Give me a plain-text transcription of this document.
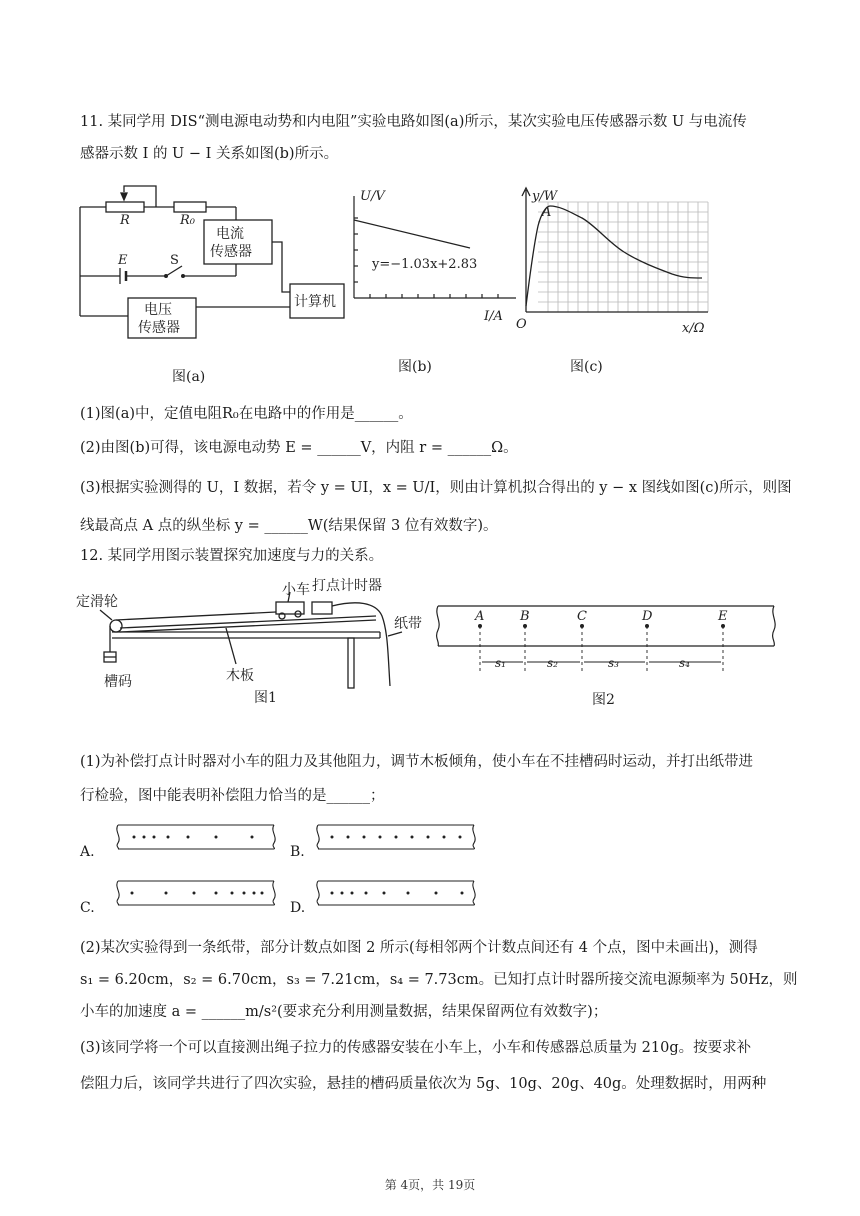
11. 某同学用 DIS“测电源电动势和内电阻”实验电路如图(a)所示，某次实验电压传感器示数 U 与电流传
感器示数 I 的 U − I 关系如图(b)所示。
R	R₀
电流
传感器
E	S
电压
传感器
计算机
图(a)
U/V
y=−1.03x+2.83
I/A
图(b)
y/W
A
O	x/Ω
图(c)
(1)图(a)中，定值电阻R₀在电路中的作用是______。
(2)由图(b)可得，该电源电动势 E = ______V，内阻 r = ______Ω。
(3)根据实验测得的 U，I 数据，若令 y = UI，x = U/I，则由计算机拟合得出的 y − x 图线如图(c)所示，则图
线最高点 A 点的纵坐标 y = ______W(结果保留 3 位有效数字)。
12. 某同学用图示装置探究加速度与力的关系。
定滑轮
小车 打点计时器
纸带
槽码	木板
图1
A	B	C	D	E
s₁	s₂	s₃	s₄
图2
(1)为补偿打点计时器对小车的阻力及其他阻力，调节木板倾角，使小车在不挂槽码时运动，并打出纸带进
行检验，图中能表明补偿阻力恰当的是______；
A.	B.
C.	D.
(2)某次实验得到一条纸带，部分计数点如图 2 所示(每相邻两个计数点间还有 4 个点，图中未画出)，测得
s₁ = 6.20cm，s₂ = 6.70cm，s₃ = 7.21cm，s₄ = 7.73cm。已知打点计时器所接交流电源频率为 50Hz，则
小车的加速度 a = ______m/s²(要求充分利用测量数据，结果保留两位有效数字)；
(3)该同学将一个可以直接测出绳子拉力的传感器安装在小车上，小车和传感器总质量为 210g。按要求补
偿阻力后，该同学共进行了四次实验，悬挂的槽码质量依次为 5g、10g、20g、40g。处理数据时，用两种
第 4页，共 19页
